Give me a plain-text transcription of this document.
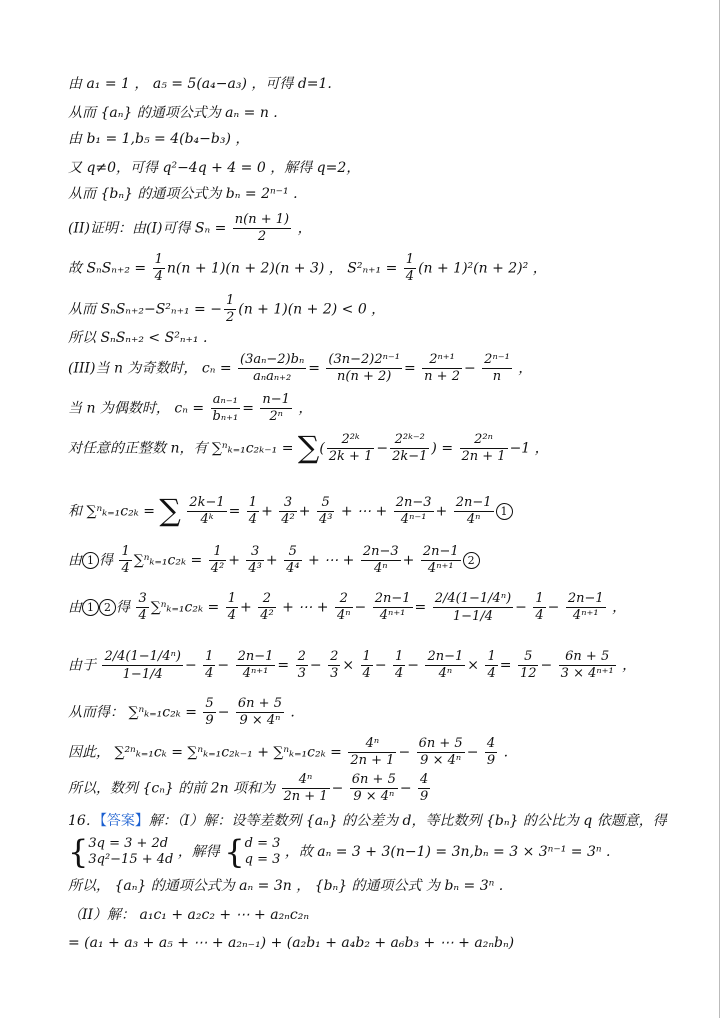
由 a₁ = 1 ， a₅ = 5(a₄−a₃) ，可得 d=1.
从而 {aₙ} 的通项公式为 aₙ = n .
由 b₁ = 1,b₅ = 4(b₄−b₃) ，
又 q≠0，可得 q²−4q + 4 = 0 ，解得 q=2，
从而 {bₙ} 的通项公式为 bₙ = 2ⁿ⁻¹ .
(II)证明：由(I)可得 $S_n = \frac{n(n + 1)}{2}$ ，
故 $S_nS_{n+2} = \frac{1}{4} n(n + 1)(n + 2)(n + 3)$ ， $S^2_{n+1} = \frac{1}{4} (n + 1)^2(n + 2)^2$ ，
从而 SₙSₙ₊₂−S²ₙ₊₁ = − $\frac{1}{2} (n + 1)(n + 2) < 0$ ，
所以 SₙSₙ₊₂ < S²ₙ₊₁ .
(III)当 n 为奇数时， $c_n = \frac{\text{(3aₙ−2)bₙ}}{\text{aₙaₙ₊₂}} = \frac{\text{(3n−2)2ⁿ⁻¹}}{n(n + 2)} = \frac{\text{2ⁿ⁺¹}}{n + 2} - \frac{\text{2ⁿ⁻¹}}{n}$ ，
当 n 为偶数时， $c_n = \frac{\text{aₙ₋₁}}{\text{bₙ₊₁}} = \frac{n-1}{\text{2ⁿ}}$ ，
对任意的正整数 n，有 ∑ⁿₖ₌₁c₂ₖ₋₁ = ∑( $\frac{\text{2²ᵏ}}{2k + 1} - \frac{\text{2²ᵏ⁻²}}{2k-1}$ ) = $\frac{\text{2²ⁿ}}{2n + 1} -1$ ，
和 ∑ⁿₖ₌₁c₂ₖ = ∑ $\frac{2k-1}{\text{4ᵏ}} = \frac{1}{4} + \frac{3}{\text{4²}} + \frac{5}{\text{4³}}$ + ⋯ + $\frac{2n-3}{\text{4ⁿ⁻¹}} + \frac{2n-1}{\text{4ⁿ}} 1$
由 1 得 $\frac{1}{4} \sum^n_{k=1}c_{2k} = \frac{1}{\text{4²}} + \frac{3}{\text{4³}} + \frac{5}{\text{4⁴}}$ + ⋯ + $\frac{2n-3}{\text{4ⁿ}} + \frac{2n-1}{\text{4ⁿ⁺¹}} 2$
由 1 2 得 $\frac{3}{4} \sum^n_{k=1}c_{2k} = \frac{1}{4} + \frac{2}{\text{4²}}$ + ⋯ + $\frac{2}{\text{4ⁿ}} - \frac{2n-1}{\text{4ⁿ⁺¹}} = \frac{\text{2/4(1−1/4ⁿ)}}{1-1/4} - \frac{1}{4} - \frac{2n-1}{\text{4ⁿ⁺¹}}$ ，
由于 $\frac{\text{2/4(1−1/4ⁿ)}}{1-1/4} - \frac{1}{4} - \frac{2n-1}{\text{4ⁿ⁺¹}} = \frac{2}{3} - \frac{2}{3} \times \frac{1}{4} - \frac{1}{4} - \frac{2n-1}{\text{4ⁿ}} \times \frac{1}{4} = \frac{5}{12} - \frac{6n + 5}{\text{3 × 4ⁿ⁺¹}}$ ，
从而得： $\sum^n_{k=1}c_{2k} = \frac{5}{9} - \frac{6n + 5}{\text{9 × 4ⁿ}}$ .
因此， $\sum^{2n}_{k=1}c_k = \sum^n_{k=1}c_{2k-1} + \sum^n_{k=1}c_{2k} = \frac{\text{4ⁿ}}{2n + 1} - \frac{6n + 5}{\text{9 × 4ⁿ}} - \frac{4}{9}$ .
所以，数列 {cₙ} 的前 2n 项和为 $\frac{\text{4ⁿ}}{2n + 1} - \frac{6n + 5}{\text{9 × 4ⁿ}} - \frac{4}{9}$
16．【答案】解：（I）解：设等差数列 {aₙ} 的公差为 d，等比数列 {bₙ} 的公比为 q 依题意，得
{3q = 3 + 2d
3q²−15 + 4d ，解得 {d = 3
q = 3 ，故 aₙ = 3 + 3(n−1) = 3n,bₙ = 3 × 3ⁿ⁻¹ = 3ⁿ .
所以， {aₙ} 的通项公式为 aₙ = 3n ， {bₙ} 的通项公式 为 bₙ = 3ⁿ .
（II）解： a₁c₁ + a₂c₂ + ⋯ + a₂ₙc₂ₙ
= (a₁ + a₃ + a₅ + ⋯ + a₂ₙ₋₁) + (a₂b₁ + a₄b₂ + a₆b₃ + ⋯ + a₂ₙbₙ)
